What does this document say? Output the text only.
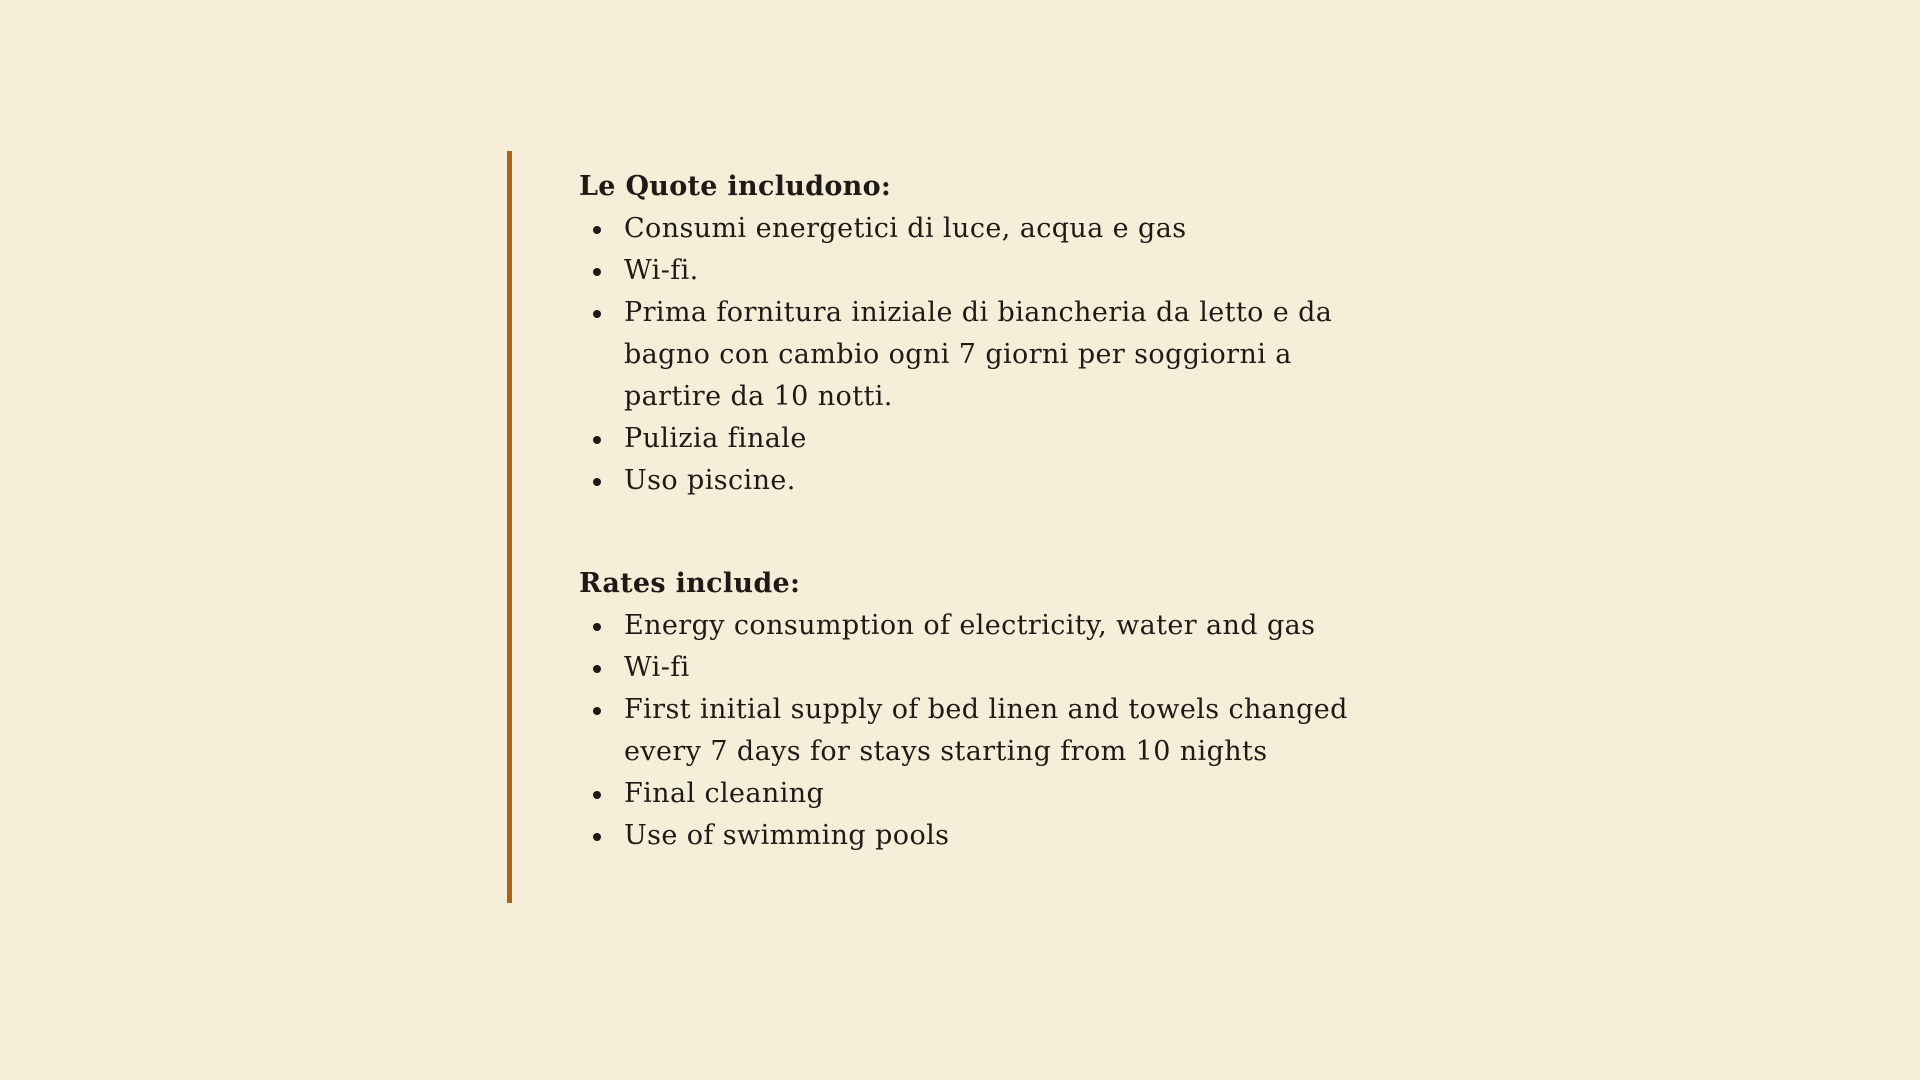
Le Quote includono:
Consumi energetici di luce, acqua e gas
Wi-fi.
Prima fornitura iniziale di biancheria da letto e da bagno con cambio ogni 7 giorni per soggiorni a partire da 10 notti.
Pulizia finale
Uso piscine.
Rates include:
Energy consumption of electricity, water and gas
Wi-fi
First initial supply of bed linen and towels changed every 7 days for stays starting from 10 nights
Final cleaning
Use of swimming pools
